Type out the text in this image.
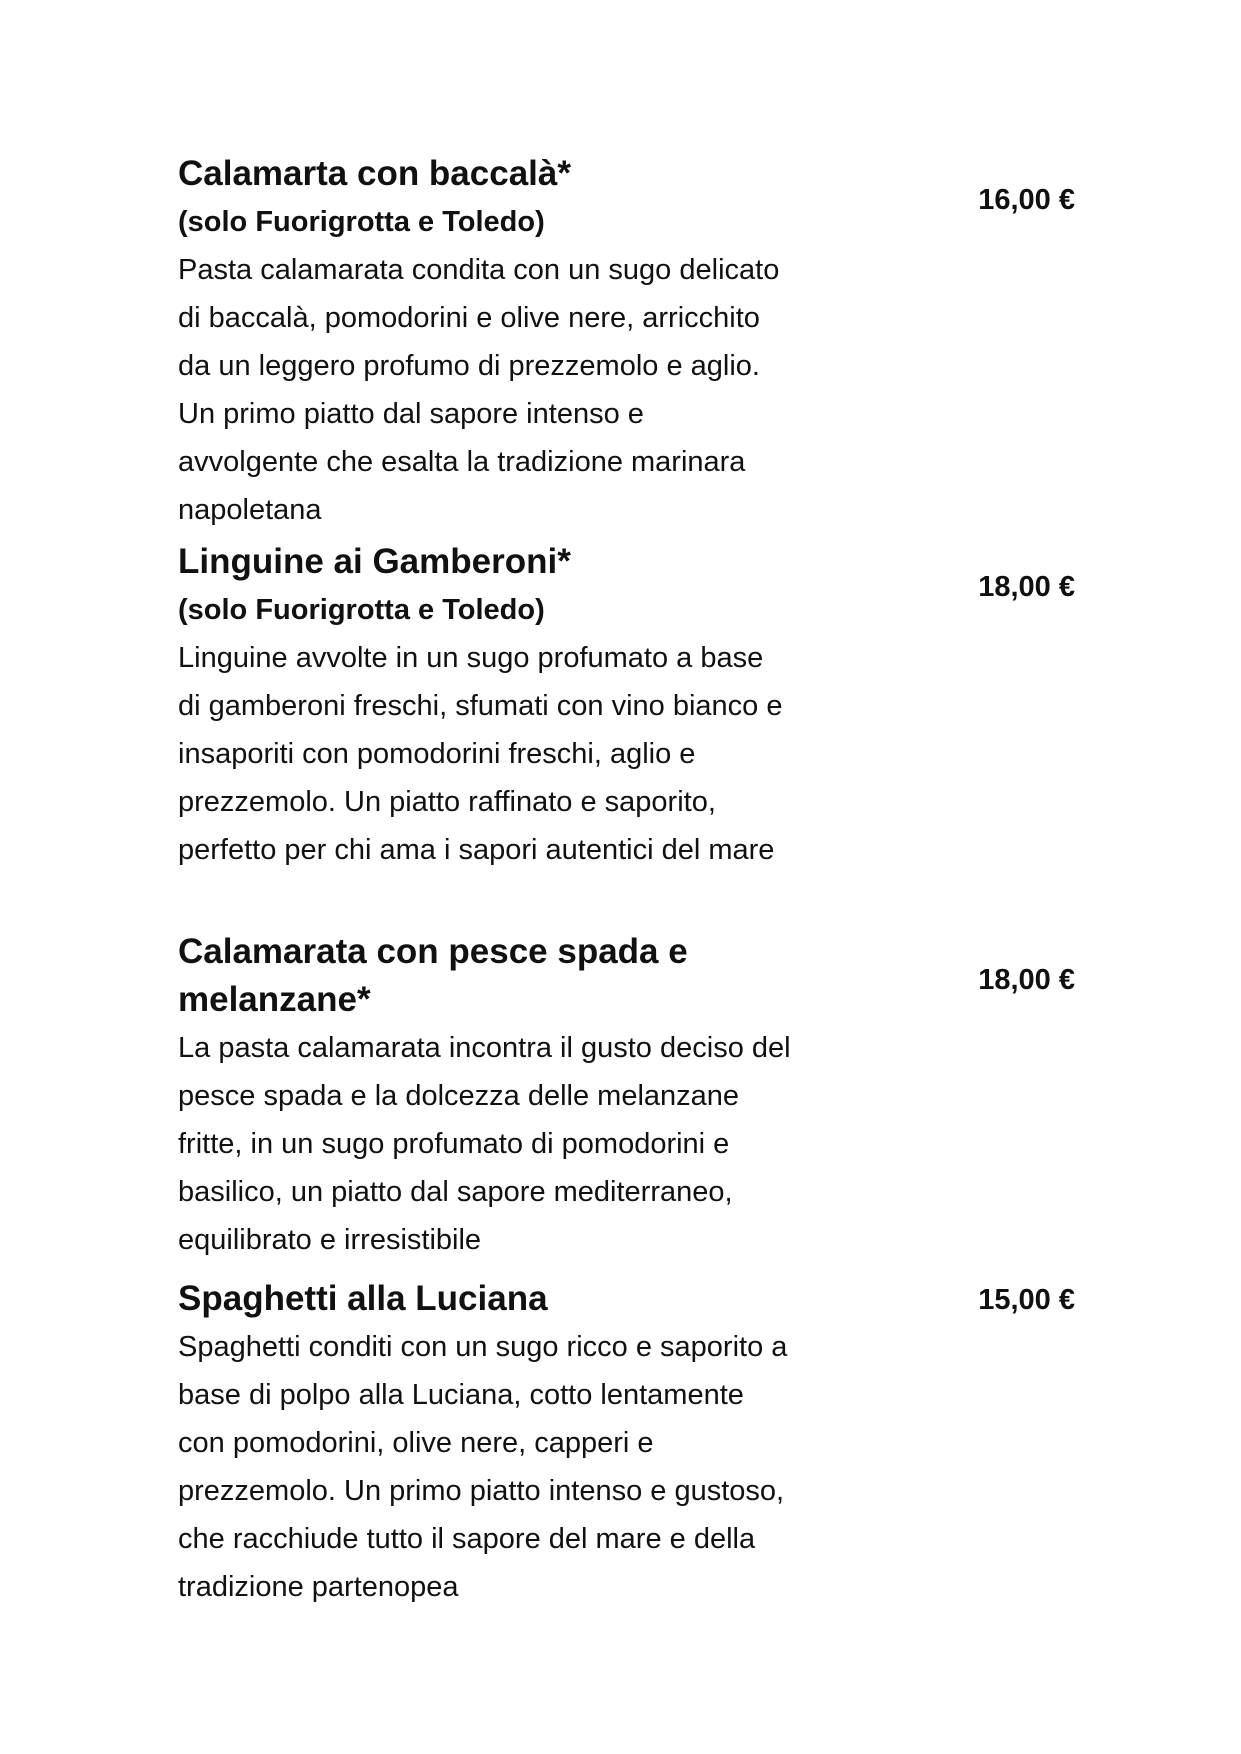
Calamarta con baccalà*

(solo Fuorigrotta e Toledo)

Pasta calamarata condita con un sugo delicato
di baccalà, pomodorini e olive nere, arricchito
da un leggero profumo di prezzemolo e aglio.
Un primo piatto dal sapore intenso e
avvolgente che esalta la tradizione marinara
napoletana

16,00 €
Linguine ai Gamberoni*

(solo Fuorigrotta e Toledo)

Linguine avvolte in un sugo profumato a base
di gamberoni freschi, sfumati con vino bianco e
insaporiti con pomodorini freschi, aglio e
prezzemolo. Un piatto raffinato e saporito,
perfetto per chi ama i sapori autentici del mare

18,00 €
Calamarata con pesce spada e melanzane*

La pasta calamarata incontra il gusto deciso del
pesce spada e la dolcezza delle melanzane
fritte, in un sugo profumato di pomodorini e
basilico, un piatto dal sapore mediterraneo,
equilibrato e irresistibile

18,00 €
Spaghetti alla Luciana

Spaghetti conditi con un sugo ricco e saporito a
base di polpo alla Luciana, cotto lentamente
con pomodorini, olive nere, capperi e
prezzemolo. Un primo piatto intenso e gustoso,
che racchiude tutto il sapore del mare e della
tradizione partenopea

15,00 €
